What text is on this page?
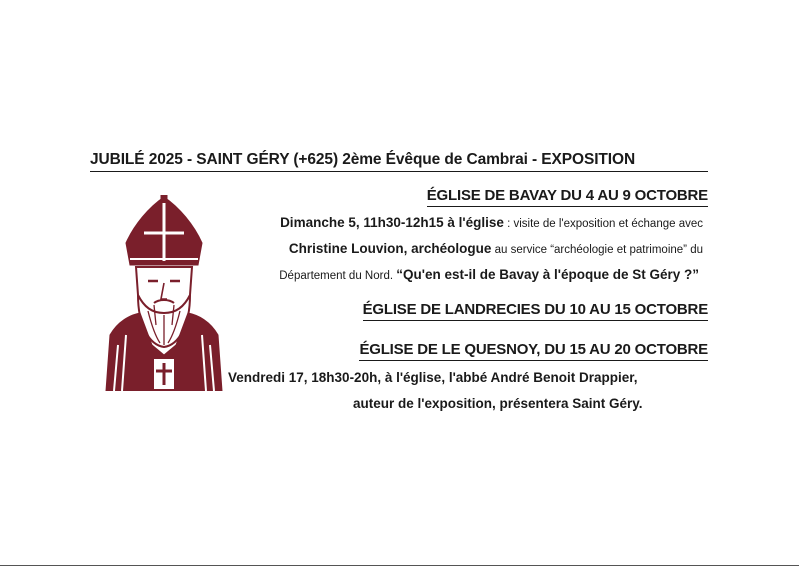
JUBILÉ 2025 - SAINT GÉRY (+625) 2ème Évêque de Cambrai - EXPOSITION
ÉGLISE DE BAVAY DU 4 AU 9 OCTOBRE
Dimanche 5, 11h30-12h15 à l'église : visite de l'exposition et échange avec
Christine Louvion, archéologue au service “archéologie et patrimoine” du
Département du Nord. “Qu'en est-il de Bavay à l'époque de St Géry ?”
ÉGLISE DE LANDRECIES DU 10 AU 15 OCTOBRE
ÉGLISE DE LE QUESNOY, DU 15 AU 20 OCTOBRE
Vendredi 17, 18h30-20h, à l'église, l'abbé André Benoit Drappier,
auteur de l'exposition, présentera Saint Géry.
